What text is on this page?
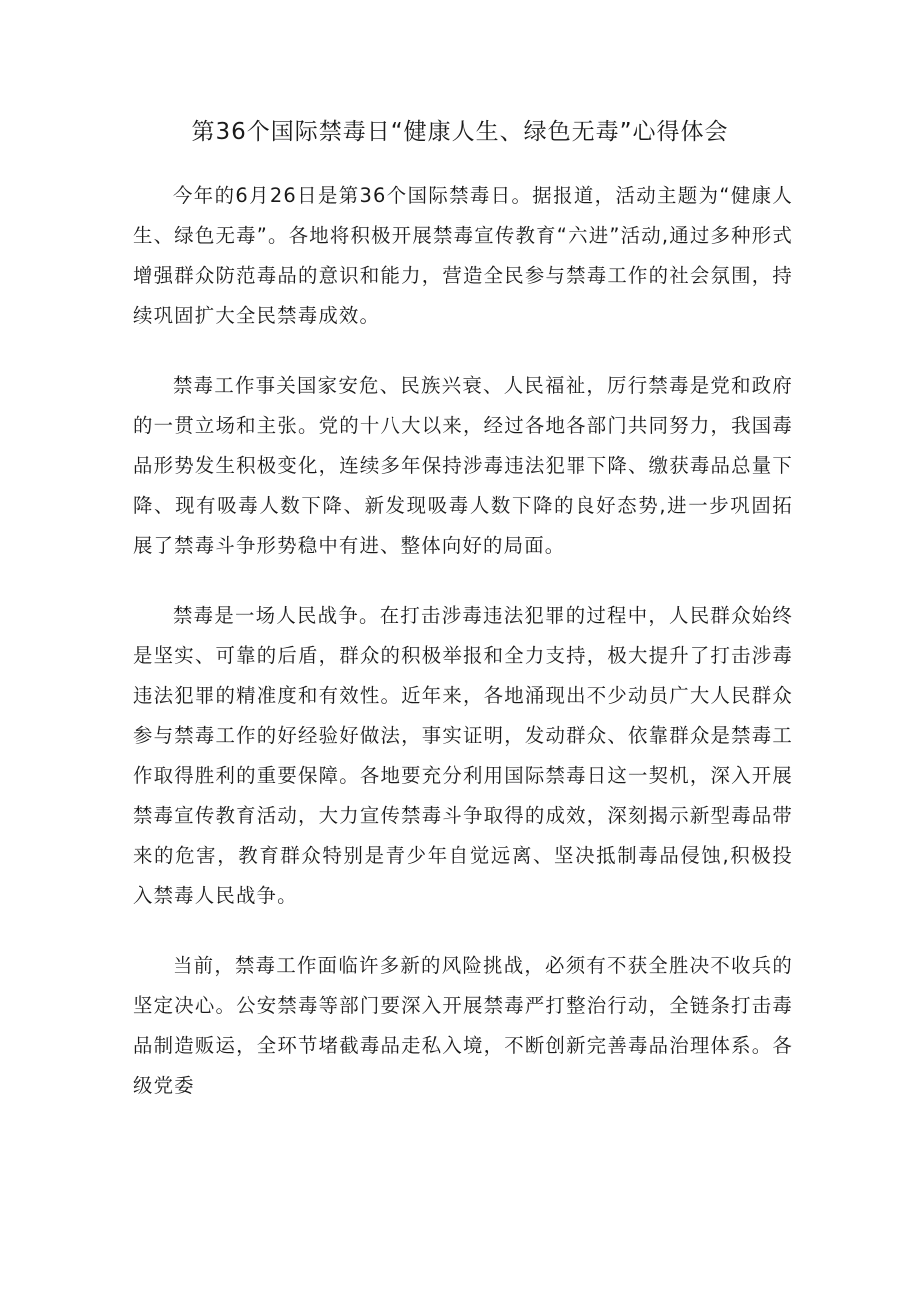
第36个国际禁毒日“健康人生、绿色无毒”心得体会

今年的6月26日是第36个国际禁毒日。据报道，活动主题为“健康人生、绿色无毒”。各地将积极开展禁毒宣传教育“六进”活动,通过多种形式增强群众防范毒品的意识和能力，营造全民参与禁毒工作的社会氛围，持续巩固扩大全民禁毒成效。

禁毒工作事关国家安危、民族兴衰、人民福祉，厉行禁毒是党和政府的一贯立场和主张。党的十八大以来，经过各地各部门共同努力，我国毒品形势发生积极变化，连续多年保持涉毒违法犯罪下降、缴获毒品总量下降、现有吸毒人数下降、新发现吸毒人数下降的良好态势,进一步巩固拓展了禁毒斗争形势稳中有进、整体向好的局面。

禁毒是一场人民战争。在打击涉毒违法犯罪的过程中，人民群众始终是坚实、可靠的后盾，群众的积极举报和全力支持，极大提升了打击涉毒违法犯罪的精准度和有效性。近年来，各地涌现出不少动员广大人民群众参与禁毒工作的好经验好做法，事实证明，发动群众、依靠群众是禁毒工作取得胜利的重要保障。各地要充分利用国际禁毒日这一契机，深入开展禁毒宣传教育活动，大力宣传禁毒斗争取得的成效，深刻揭示新型毒品带来的危害，教育群众特别是青少年自觉远离、坚决抵制毒品侵蚀,积极投入禁毒人民战争。

当前，禁毒工作面临许多新的风险挑战，必须有不获全胜决不收兵的坚定决心。公安禁毒等部门要深入开展禁毒严打整治行动，全链条打击毒品制造贩运，全环节堵截毒品走私入境，不断创新完善毒品治理体系。各级党委
